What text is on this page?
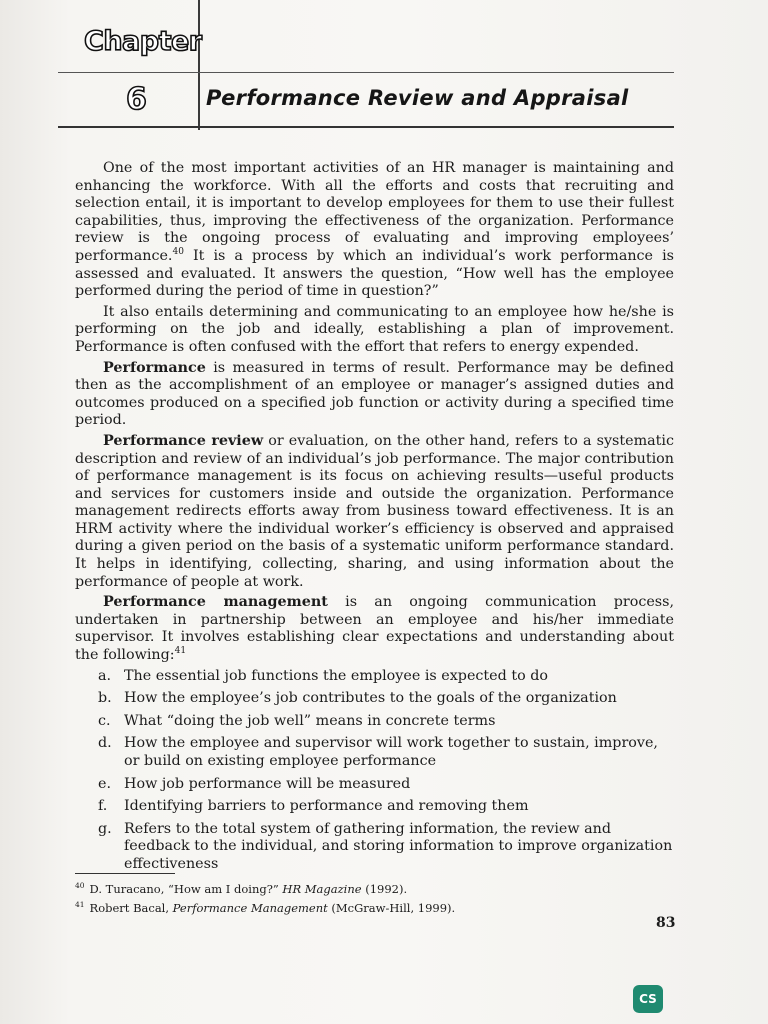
Chapter
6	Performance Review and Appraisal

One of the most important activities of an HR manager is maintaining and enhancing the workforce. With all the efforts and costs that recruiting and selection entail, it is important to develop employees for them to use their fullest capabilities, thus, improving the effectiveness of the organization. Performance review is the ongoing process of evaluating and improving employees’ performance.$^{40}$ It is a process by which an individual’s work performance is assessed and evaluated. It answers the question, “How well has the employee performed during the period of time in question?”

It also entails determining and communicating to an employee how he/she is performing on the job and ideally, establishing a plan of improvement. Performance is often confused with the effort that refers to energy expended.

Performance is measured in terms of result. Performance may be defined then as the accomplishment of an employee or manager’s assigned duties and outcomes produced on a specified job function or activity during a specified time period.

Performance review or evaluation, on the other hand, refers to a systematic description and review of an individual’s job performance. The major contribution of performance management is its focus on achieving results—useful products and services for customers inside and outside the organization. Performance management redirects efforts away from business toward effectiveness. It is an HRM activity where the individual worker’s efficiency is observed and appraised during a given period on the basis of a systematic uniform performance standard. It helps in identifying, collecting, sharing, and using information about the performance of people at work.

Performance management is an ongoing communication process, undertaken in partnership between an employee and his/her immediate supervisor. It involves establishing clear expectations and understanding about the following:$^{41}$

a. The essential job functions the employee is expected to do
b. How the employee’s job contributes to the goals of the organization
c. What “doing the job well” means in concrete terms
d. How the employee and supervisor will work together to sustain, improve, or build on existing employee performance
e. How job performance will be measured
f. Identifying barriers to performance and removing them
g. Refers to the total system of gathering information, the review and feedback to the individual, and storing information to improve organization effectiveness
$^{40}$ D. Turacano, “How am I doing?” HR Magazine (1992).
$^{41}$ Robert Bacal, Performance Management (McGraw-Hill, 1999).
83
CS
